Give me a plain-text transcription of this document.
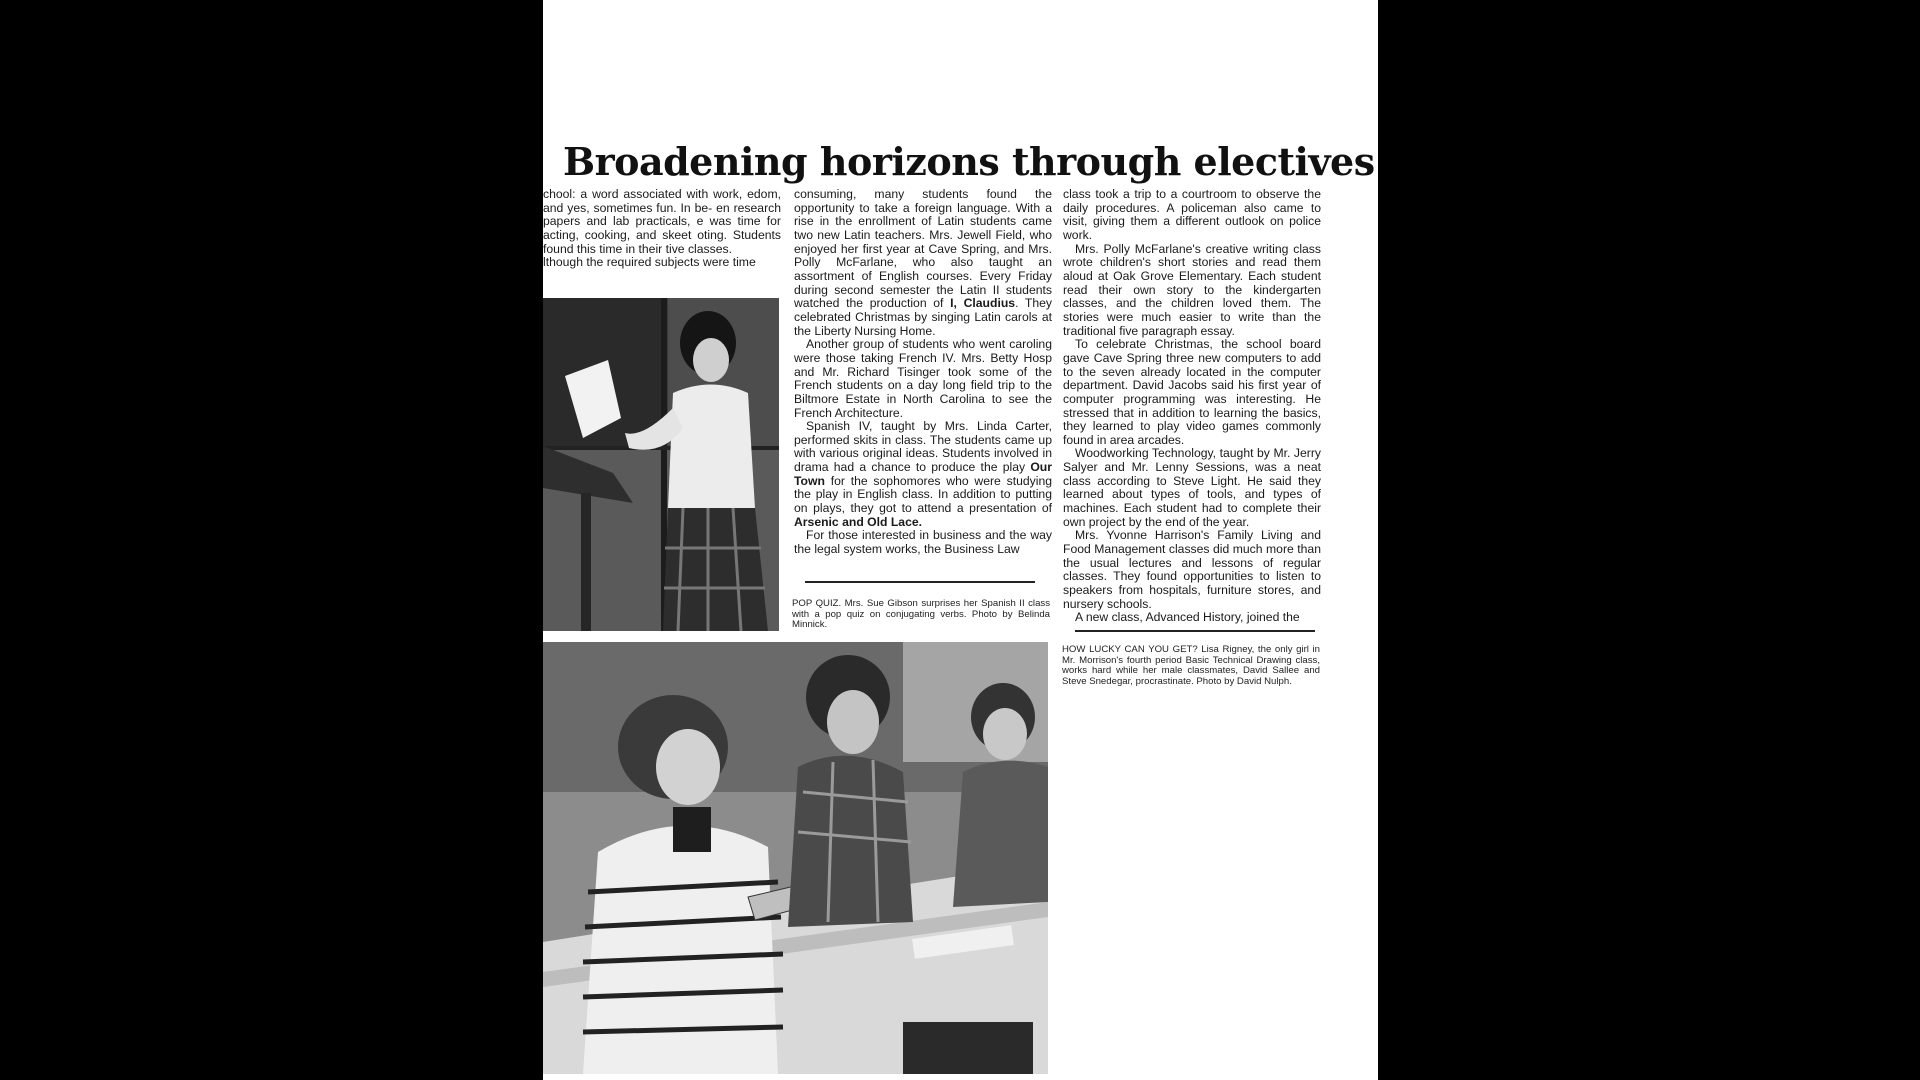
Broadening horizons through electives

chool: a word associated with work, edom, and yes, sometimes fun. In be- en research papers and lab practicals, e was time for acting, cooking, and skeet oting. Students found this time in their tive classes.

lthough the required subjects were time

consuming, many students found the opportunity to take a foreign language. With a rise in the enrollment of Latin students came two new Latin teachers. Mrs. Jewell Field, who enjoyed her first year at Cave Spring, and Mrs. Polly McFarlane, who also taught an assortment of English courses. Every Friday during second semester the Latin II students watched the production of I, Claudius. They celebrated Christmas by singing Latin carols at the Liberty Nursing Home.

Another group of students who went caroling were those taking French IV. Mrs. Betty Hosp and Mr. Richard Tisinger took some of the French students on a day long field trip to the Biltmore Estate in North Carolina to see the French Architecture.

Spanish IV, taught by Mrs. Linda Carter, performed skits in class. The students came up with various original ideas. Students involved in drama had a chance to produce the play Our Town for the sophomores who were studying the play in English class. In addition to putting on plays, they got to attend a presentation of Arsenic and Old Lace.

For those interested in business and the way the legal system works, the Business Law

POP QUIZ. Mrs. Sue Gibson surprises her Spanish II class with a pop quiz on conjugating verbs. Photo by Belinda Minnick.

class took a trip to a courtroom to observe the daily procedures. A policeman also came to visit, giving them a different outlook on police work.

Mrs. Polly McFarlane's creative writing class wrote children's short stories and read them aloud at Oak Grove Elementary. Each student read their own story to the kindergarten classes, and the children loved them. The stories were much easier to write than the traditional five paragraph essay.

To celebrate Christmas, the school board gave Cave Spring three new computers to add to the seven already located in the computer department. David Jacobs said his first year of computer programming was interesting. He stressed that in addition to learning the basics, they learned to play video games commonly found in area arcades.

Woodworking Technology, taught by Mr. Jerry Salyer and Mr. Lenny Sessions, was a neat class according to Steve Light. He said they learned about types of tools, and types of machines. Each student had to complete their own project by the end of the year.

Mrs. Yvonne Harrison's Family Living and Food Management classes did much more than the usual lectures and lessons of regular classes. They found opportunities to listen to speakers from hospitals, furniture stores, and nursery schools.

A new class, Advanced History, joined the

HOW LUCKY CAN YOU GET? Lisa Rigney, the only girl in Mr. Morrison's fourth period Basic Technical Drawing class, works hard while her male classmates, David Sallee and Steve Snedegar, procrastinate. Photo by David Nulph.
